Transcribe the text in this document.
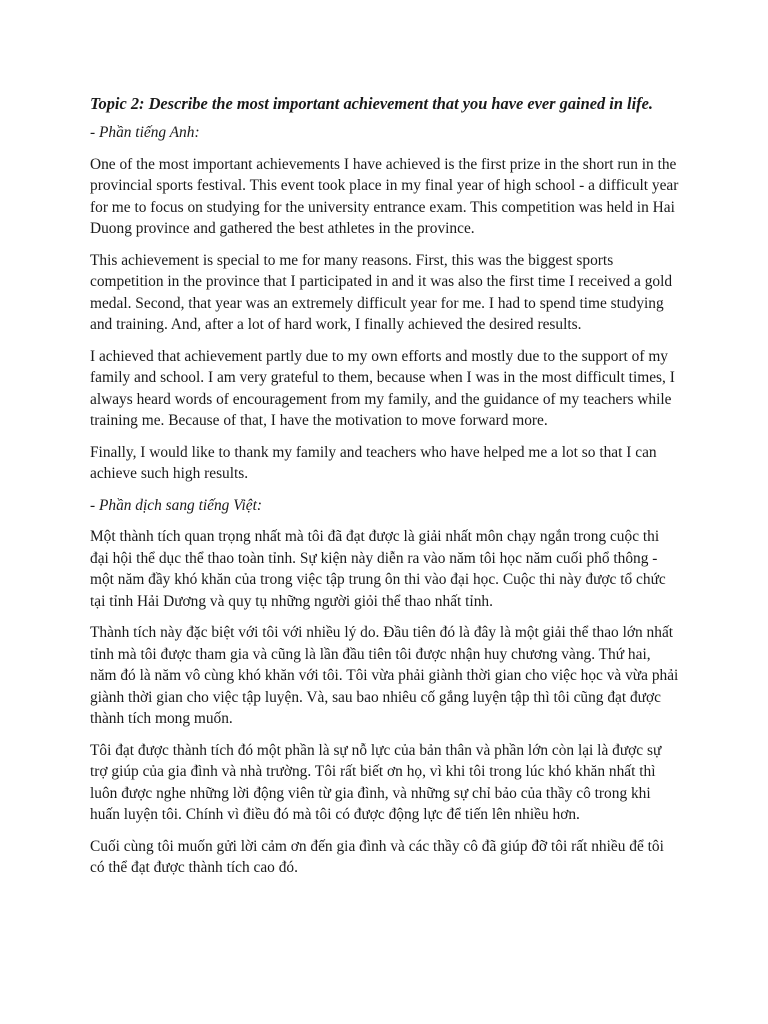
Topic 2: Describe the most important achievement that you have ever gained in life.

- Phần tiếng Anh:

One of the most important achievements I have achieved is the first prize in the short run in the provincial sports festival. This event took place in my final year of high school - a difficult year for me to focus on studying for the university entrance exam. This competition was held in Hai Duong province and gathered the best athletes in the province.

This achievement is special to me for many reasons. First, this was the biggest sports competition in the province that I participated in and it was also the first time I received a gold medal. Second, that year was an extremely difficult year for me. I had to spend time studying and training. And, after a lot of hard work, I finally achieved the desired results.

I achieved that achievement partly due to my own efforts and mostly due to the support of my family and school. I am very grateful to them, because when I was in the most difficult times, I always heard words of encouragement from my family, and the guidance of my teachers while training me. Because of that, I have the motivation to move forward more.

Finally, I would like to thank my family and teachers who have helped me a lot so that I can achieve such high results.

- Phần dịch sang tiếng Việt:

Một thành tích quan trọng nhất mà tôi đã đạt được là giải nhất môn chạy ngắn trong cuộc thi đại hội thể dục thể thao toàn tỉnh. Sự kiện này diễn ra vào năm tôi học năm cuối phổ thông - một năm đầy khó khăn của trong việc tập trung ôn thi vào đại học. Cuộc thi này được tổ chức tại tỉnh Hải Dương và quy tụ những người giỏi thể thao nhất tỉnh.

Thành tích này đặc biệt với tôi với nhiều lý do. Đầu tiên đó là đây là một giải thể thao lớn nhất tỉnh mà tôi được tham gia và cũng là lần đầu tiên tôi được nhận huy chương vàng. Thứ hai, năm đó là năm vô cùng khó khăn với tôi. Tôi vừa phải giành thời gian cho việc học và vừa phải giành thời gian cho việc tập luyện. Và, sau bao nhiêu cố gắng luyện tập thì tôi cũng đạt được thành tích mong muốn.

Tôi đạt được thành tích đó một phần là sự nỗ lực của bản thân và phần lớn còn lại là được sự trợ giúp của gia đình và nhà trường. Tôi rất biết ơn họ, vì khi tôi trong lúc khó khăn nhất thì luôn được nghe những lời động viên từ gia đình, và những sự chỉ bảo của thầy cô trong khi huấn luyện tôi. Chính vì điều đó mà tôi có được động lực để tiến lên nhiều hơn.

Cuối cùng tôi muốn gửi lời cảm ơn đến gia đình và các thầy cô đã giúp đỡ tôi rất nhiều để tôi có thể đạt được thành tích cao đó.
